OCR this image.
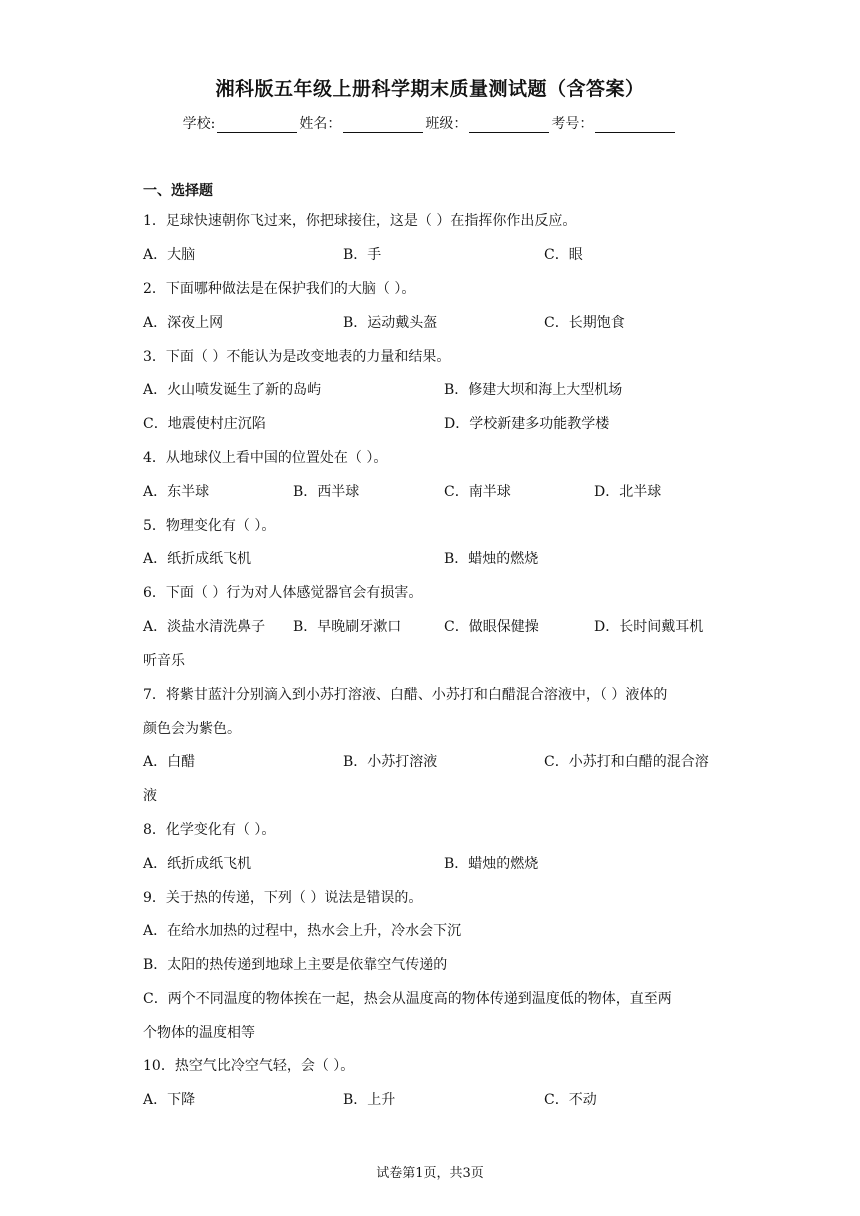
湘科版五年级上册科学期末质量测试题（含答案）
学校:	姓名：	班级：	考号：
一、选择题
1．足球快速朝你飞过来，你把球接住，这是（ ）在指挥你作出反应。
A．大脑	B．手	C．眼
2．下面哪种做法是在保护我们的大脑（ ）。
A．深夜上网	B．运动戴头盔	C．长期饱食
3．下面（ ）不能认为是改变地表的力量和结果。
A．火山喷发诞生了新的岛屿	B．修建大坝和海上大型机场
C．地震使村庄沉陷	D．学校新建多功能教学楼
4．从地球仪上看中国的位置处在（ ）。
A．东半球	B．西半球	C．南半球	D．北半球
5．物理变化有（ ）。
A．纸折成纸飞机	B．蜡烛的燃烧
6．下面（ ）行为对人体感觉器官会有损害。
A．淡盐水清洗鼻子 B．早晚刷牙漱口	C．做眼保健操	D．长时间戴耳机
听音乐
7．将紫甘蓝汁分别滴入到小苏打溶液、白醋、小苏打和白醋混合溶液中，（ ）液体的
颜色会为紫色。
A．白醋	B．小苏打溶液	C．小苏打和白醋的混合溶
液
8．化学变化有（ ）。
A．纸折成纸飞机	B．蜡烛的燃烧
9．关于热的传递，下列（ ）说法是错误的。
A．在给水加热的过程中，热水会上升，冷水会下沉
B．太阳的热传递到地球上主要是依靠空气传递的
C．两个不同温度的物体挨在一起，热会从温度高的物体传递到温度低的物体，直至两
个物体的温度相等
10．热空气比冷空气轻，会（ ）。
A．下降	B．上升	C．不动
试卷第1页，共3页
